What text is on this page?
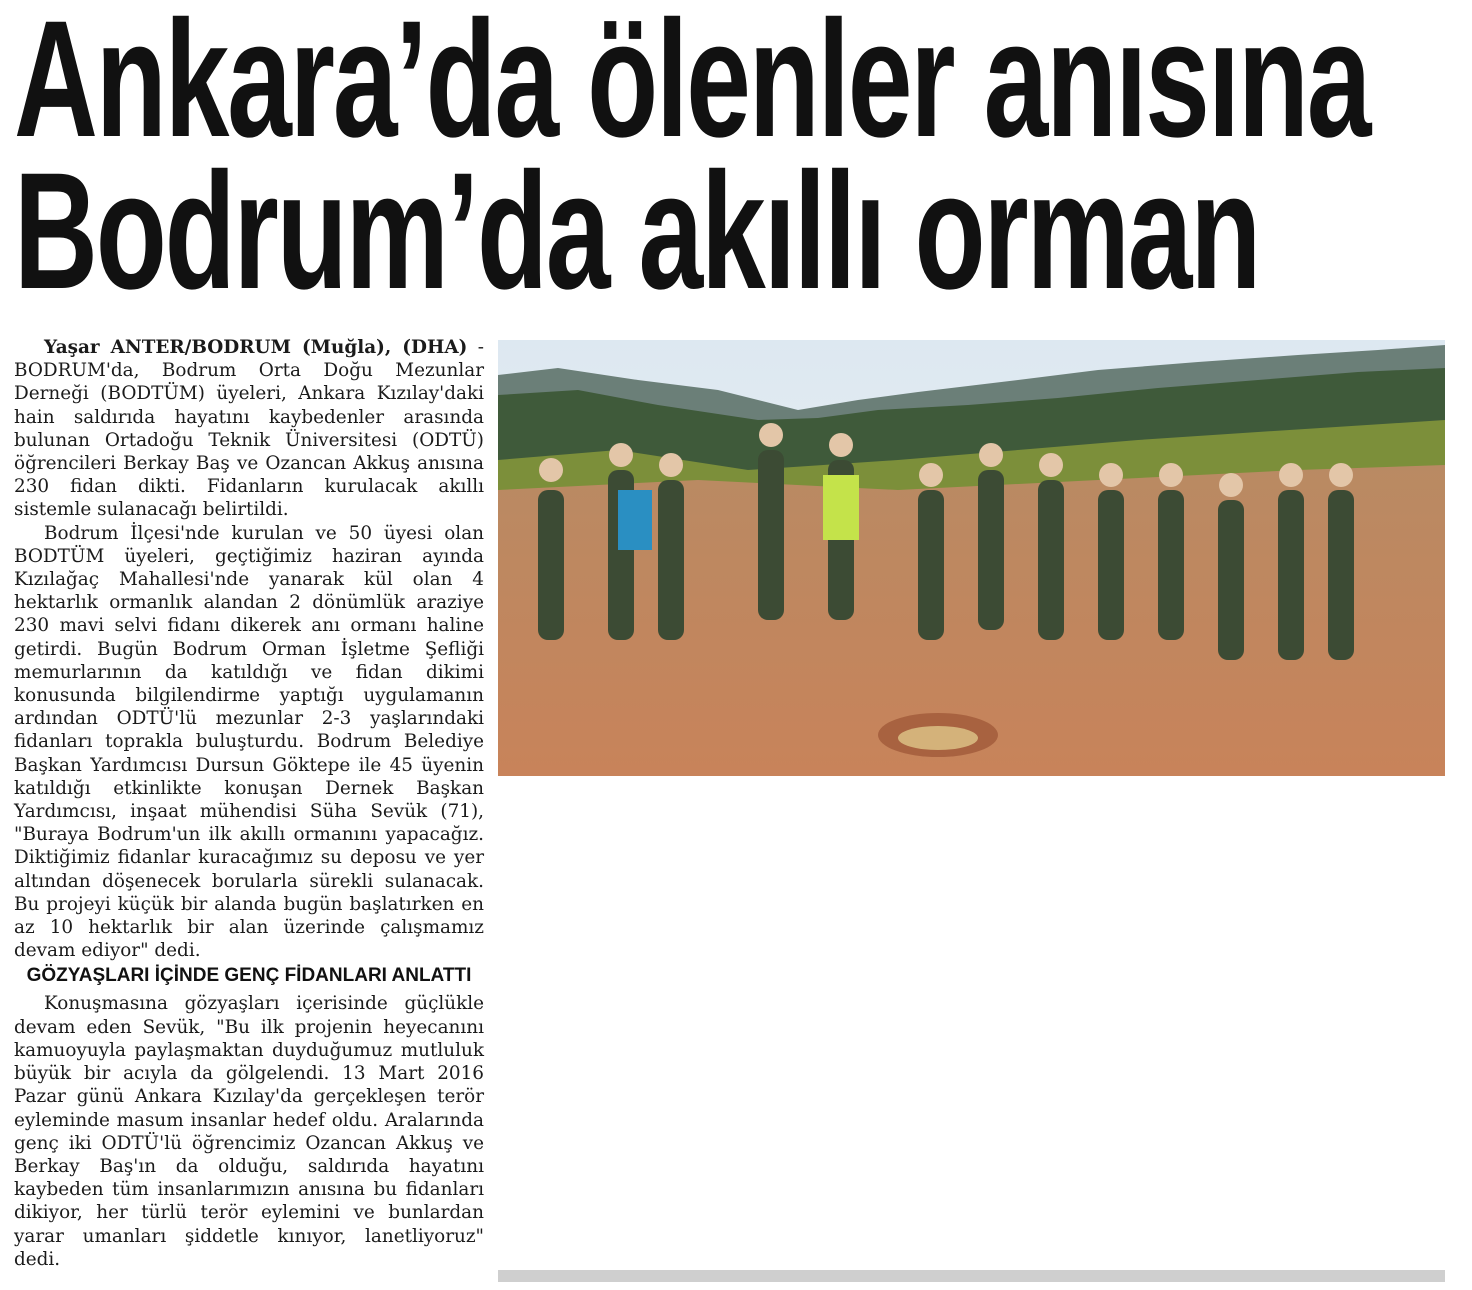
Ankara’da ölenler anısına
Bodrum’da akıllı orman

Yaşar ANTER/BODRUM (Muğla), (DHA) - BODRUM'da, Bodrum Orta Doğu Mezunlar Derneği (BODTÜM) üyeleri, Ankara Kızılay'daki hain saldırıda hayatını kaybedenler arasında bulunan Ortadoğu Teknik Üniversitesi (ODTÜ) öğrencileri Berkay Baş ve Ozancan Akkuş anısına 230 fidan dikti. Fidanların kurulacak akıllı sistemle sulanacağı belirtildi.

Bodrum İlçesi'nde kurulan ve 50 üyesi olan BODTÜM üyeleri, geçtiğimiz haziran ayında Kızılağaç Mahallesi'nde yanarak kül olan 4 hektarlık ormanlık alandan 2 dönümlük araziye 230 mavi selvi fidanı dikerek anı ormanı haline getirdi. Bugün Bodrum Orman İşletme Şefliği memurlarının da katıldığı ve fidan dikimi konusunda bilgilendirme yaptığı uygulamanın ardından ODTÜ'lü mezunlar 2-3 yaşlarındaki fidanları toprakla buluşturdu. Bodrum Belediye Başkan Yardımcısı Dursun Göktepe ile 45 üyenin katıldığı etkinlikte konuşan Dernek Başkan Yardımcısı, inşaat mühendisi Süha Sevük (71), "Buraya Bodrum'un ilk akıllı ormanını yapacağız. Diktiğimiz fidanlar kuracağımız su deposu ve yer altından döşenecek borularla sürekli sulanacak. Bu projeyi küçük bir alanda bugün başlatırken en az 10 hektarlık bir alan üzerinde çalışmamız devam ediyor" dedi.

GÖZYAŞLARI İÇİNDE GENÇ FİDANLARI ANLATTI

Konuşmasına gözyaşları içerisinde güçlükle devam eden Sevük, "Bu ilk projenin heyecanını kamuoyuyla paylaşmaktan duyduğumuz mutluluk büyük bir acıyla da gölgelendi. 13 Mart 2016 Pazar günü Ankara Kızılay'da gerçekleşen terör eyleminde masum insanlar hedef oldu. Aralarında genç iki ODTÜ'lü öğrencimiz Ozancan Akkuş ve Berkay Baş'ın da olduğu, saldırıda hayatını kaybeden tüm insanlarımızın anısına bu fidanları dikiyor, her türlü terör eylemini ve bunlardan yarar umanları şiddetle kınıyor, lanetliyoruz" dedi.
